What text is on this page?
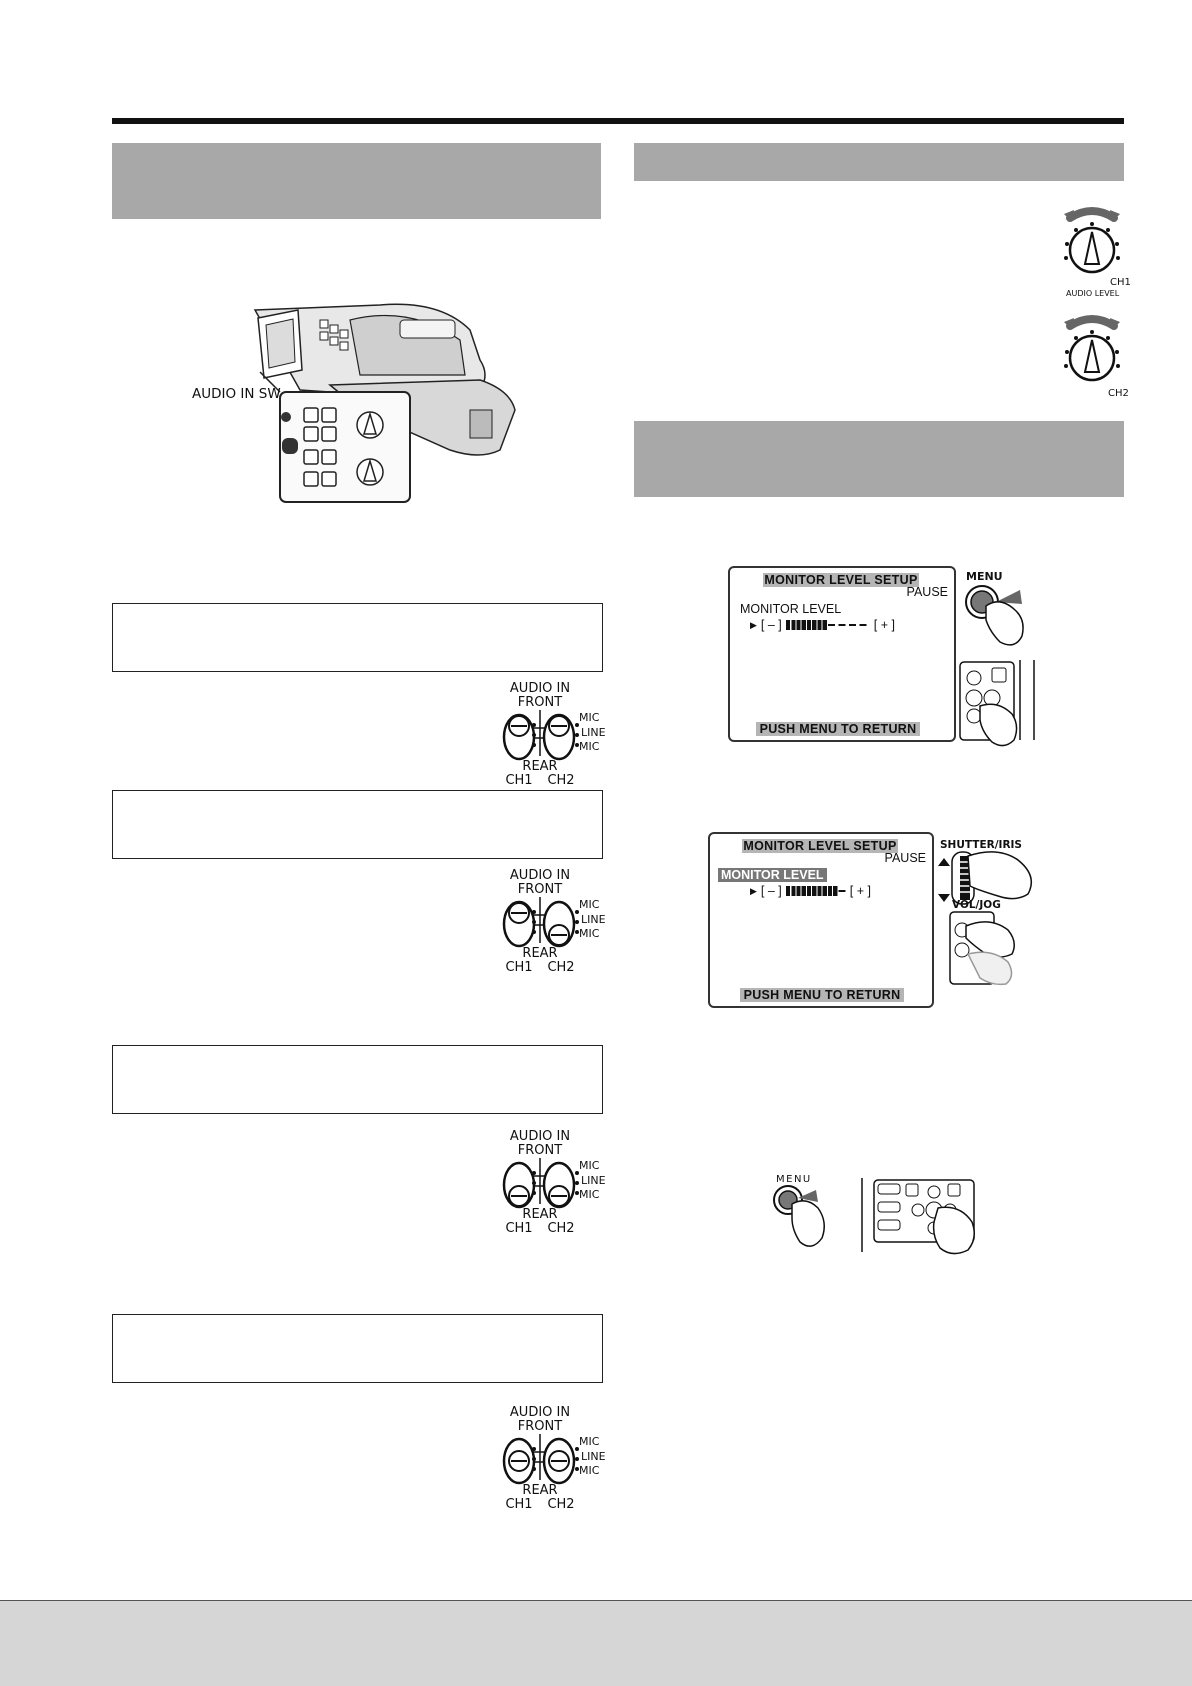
AUDIO IN SW
AUDIO IN
FRONT
MIC
LINE
MIC
REAR
CH1 CH2
AUDIO IN
FRONT
MIC
LINE
MIC
REAR
CH1 CH2
AUDIO IN
FRONT
MIC
LINE
MIC
REAR
CH1 CH2
AUDIO IN
FRONT
MIC
LINE
MIC
REAR
CH1 CH2
CH1
AUDIO LEVEL
CH2
MONITOR LEVEL SETUP
PAUSE
MONITOR LEVEL
▶ [ – ]	[ + ]
PUSH MENU TO RETURN
MENU
MONITOR LEVEL SETUP
PAUSE
MONITOR LEVEL
▶ [ – ]	[ + ]
PUSH MENU TO RETURN
SHUTTER/IRIS
VOL/JOG
MENU
